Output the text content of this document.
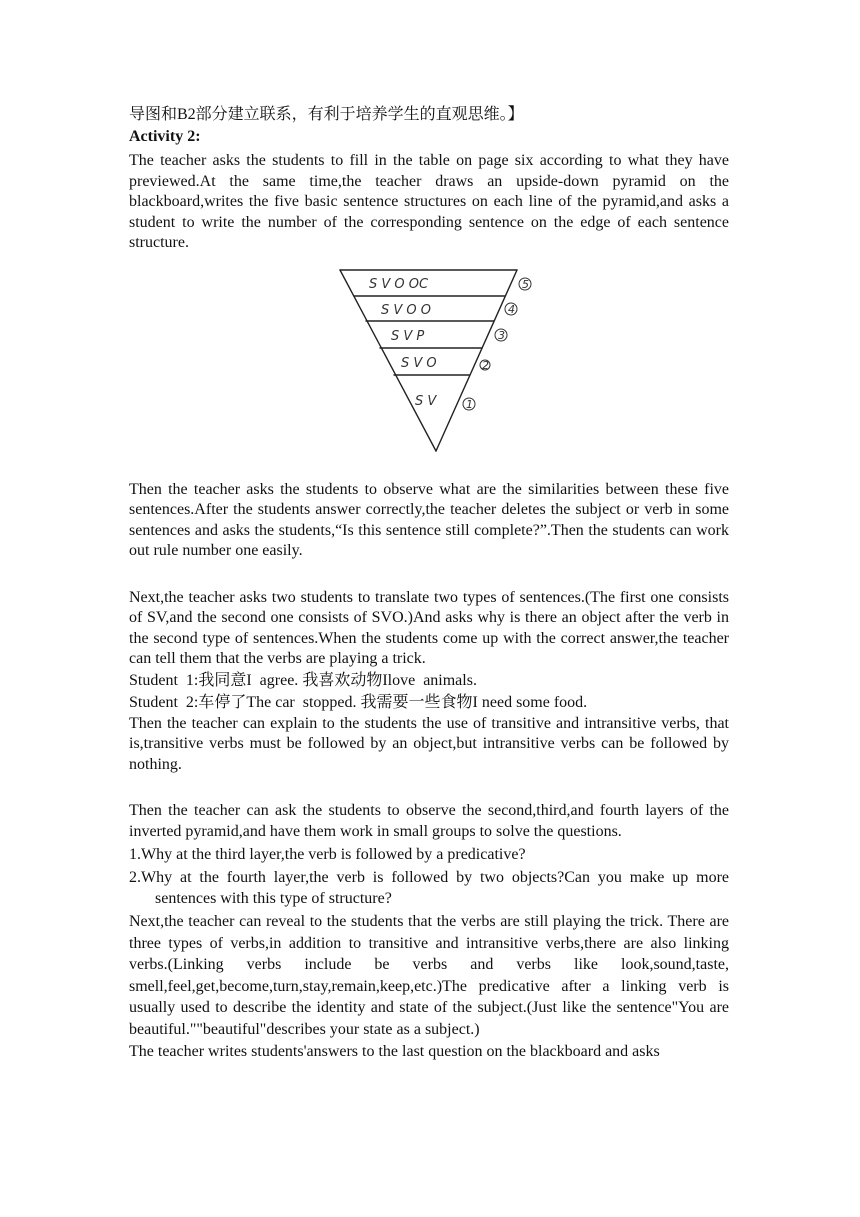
导图和B2部分建立联系，有利于培养学生的直观思维。】

Activity 2:

The teacher asks the students to fill in the table on page six according to what they have previewed.At the same time,the teacher draws an upside-down pyramid on the blackboard,writes the five basic sentence structures on each line of the pyramid,and asks a student to write the number of the corresponding sentence on the edge of each sentence structure.

Then the teacher asks the students to observe what are the similarities between these five sentences.After the students answer correctly,the teacher deletes the subject or verb in some sentences and asks the students,“Is this sentence still complete?”.Then the students can work out rule number one easily.

Next,the teacher asks two students to translate two types of sentences.(The first one consists of SV,and the second one consists of SVO.)And asks why is there an object after the verb in the second type of sentences.When the students come up with the correct answer,the teacher can tell them that the verbs are playing a trick.

Student  1:我同意I  agree. 我喜欢动物Ilove  animals.
Student  2:车停了The car  stopped. 我需要一些食物I need some food.

Then the teacher can explain to the students the use of transitive and intransitive verbs, that is,transitive verbs must be followed by an object,but intransitive verbs can be followed by nothing.

Then the teacher can ask the students to observe the second,third,and fourth layers of the inverted pyramid,and have them work in small groups to solve the questions.

1.Why at the third layer,the verb is followed by a predicative?

2.Why at the fourth layer,the verb is followed by two objects?Can you make up more sentences with this type of structure?

Next,the teacher can reveal to the students that the verbs are still playing the trick. There are three types of verbs,in addition to transitive and intransitive verbs,there are also linking verbs.(Linking verbs include be verbs and verbs like look,sound,taste, smell,feel,get,become,turn,stay,remain,keep,etc.)The predicative after a linking verb is usually used to describe the identity and state of the subject.(Just like the sentence"You are beautiful.""beautiful"describes your state as a subject.)

The teacher writes students'answers to the last question on the blackboard and asks

S V O OC
S V O O
S V P
S V O
S V
5
4
3
2
1
